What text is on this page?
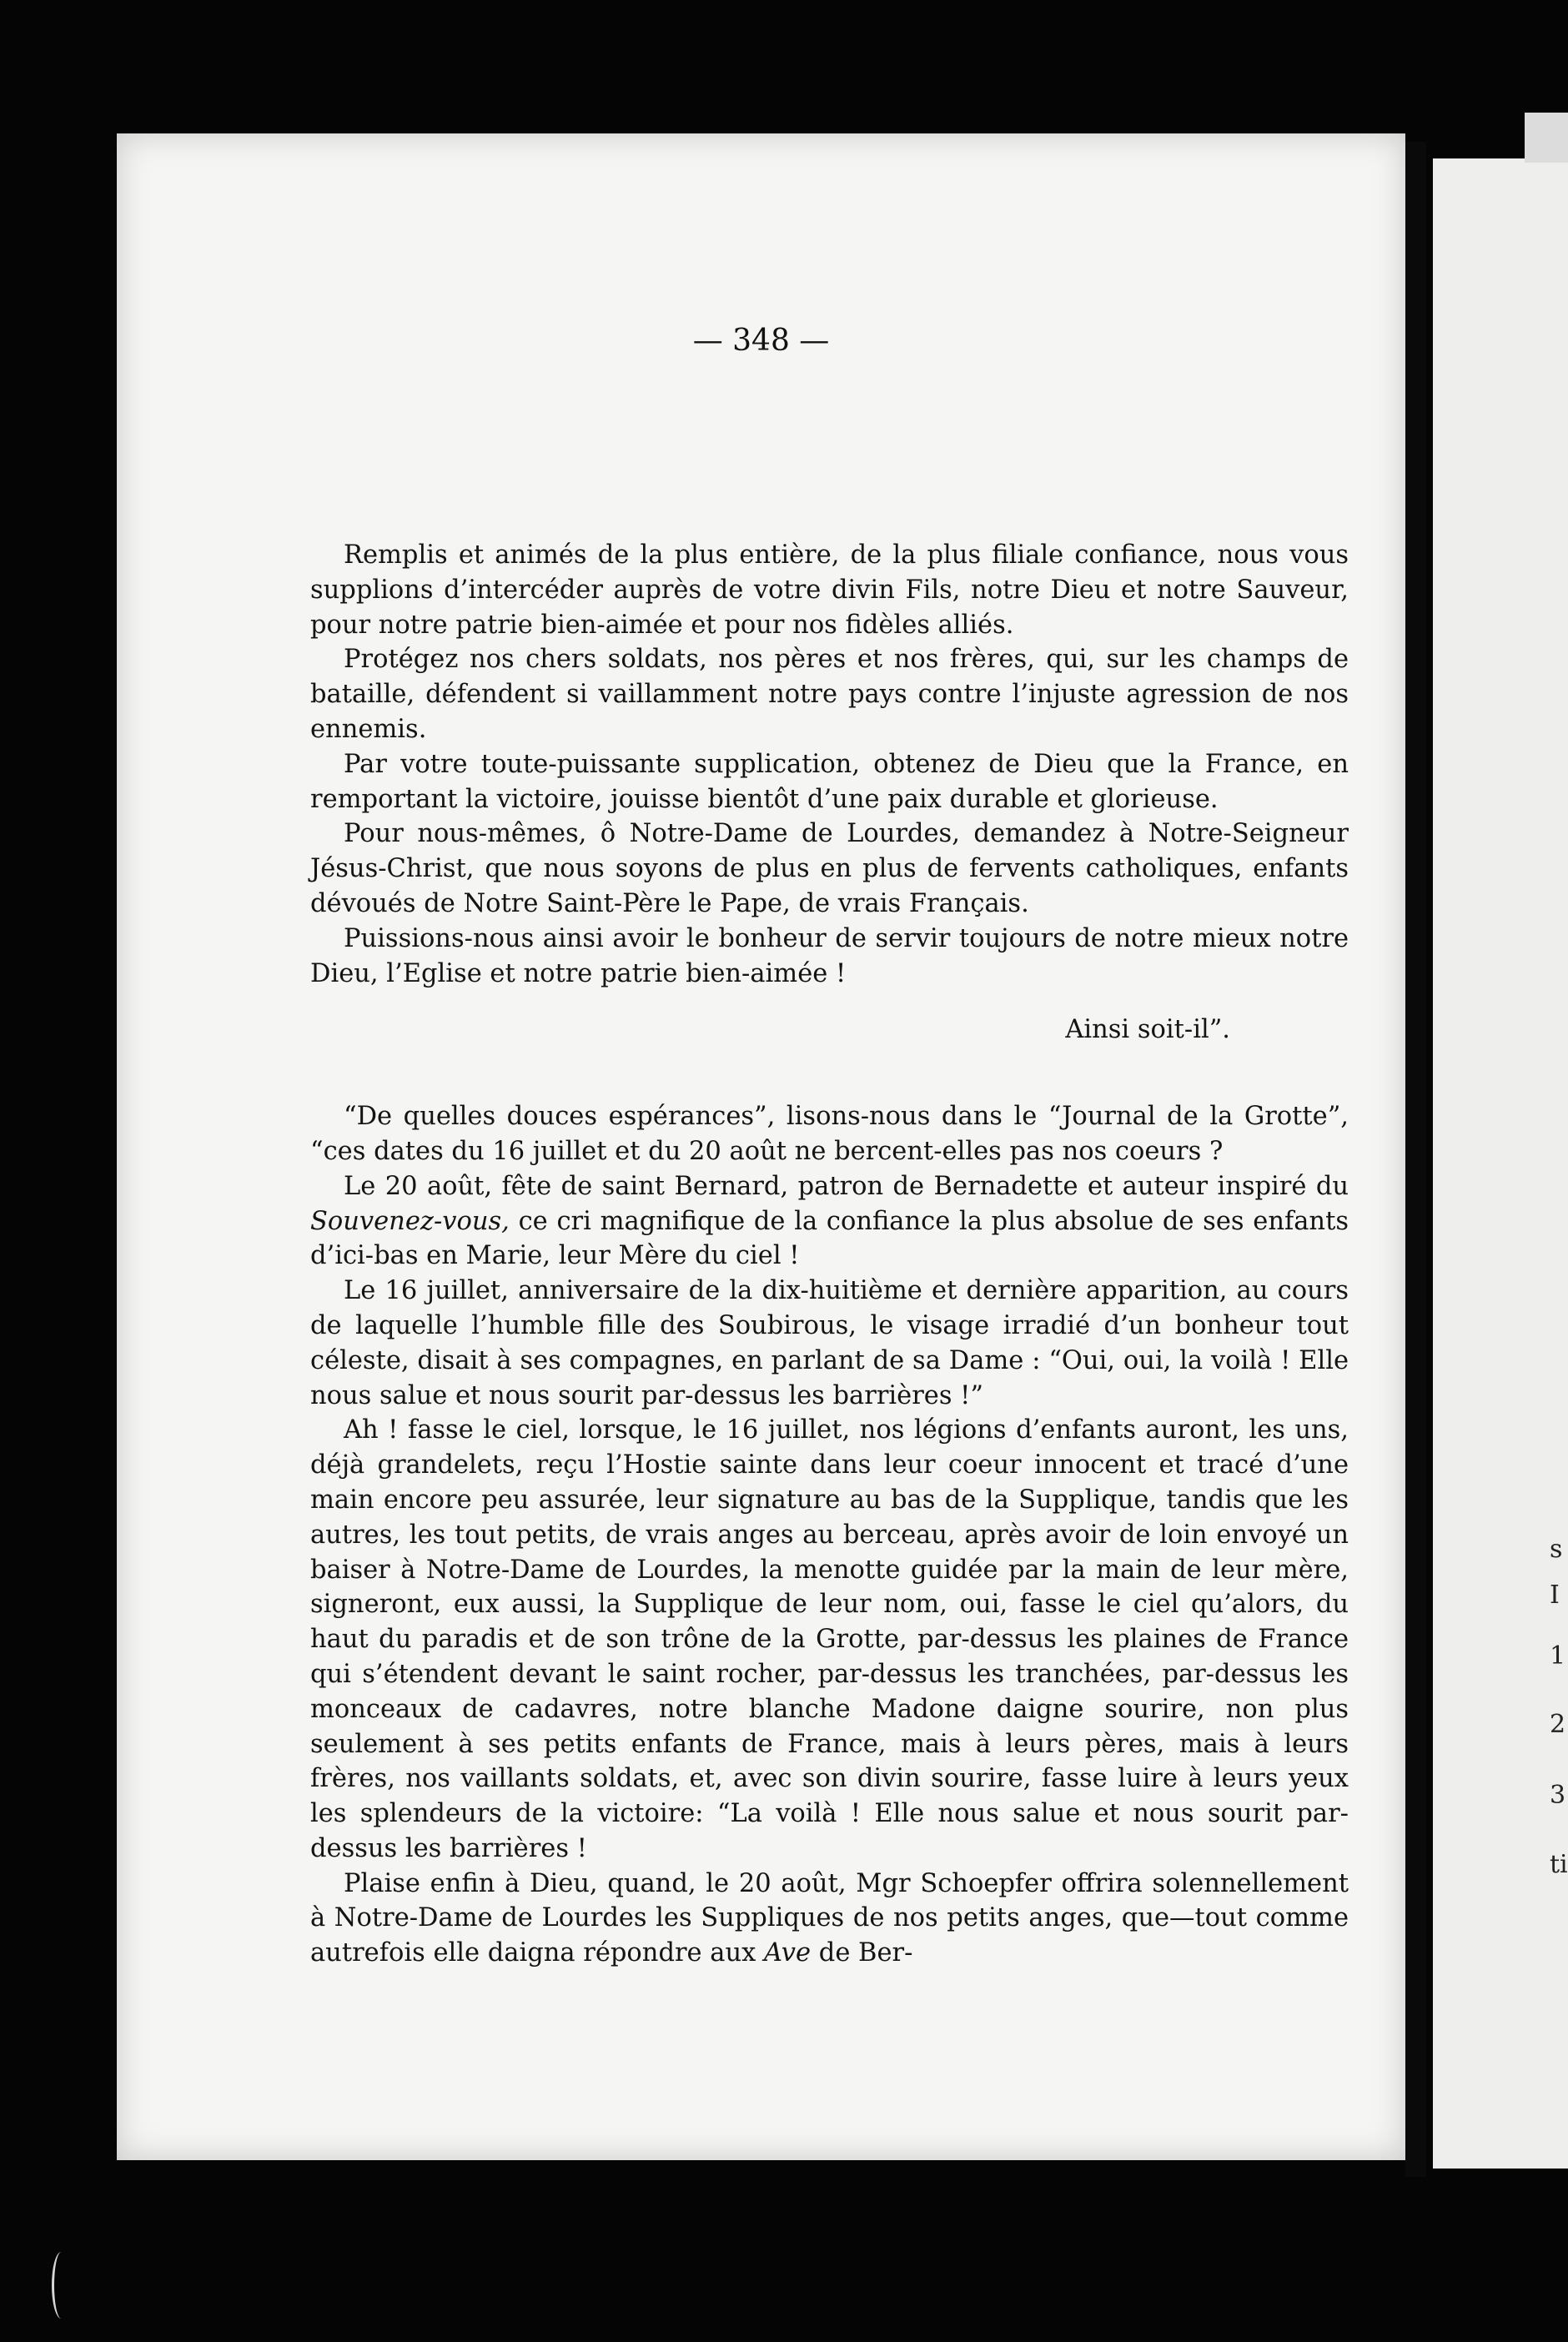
s
I
1
2
3
ti
— 348 —

Remplis et animés de la plus entière, de la plus filiale confiance, nous vous supplions d’intercéder auprès de votre divin Fils, notre Dieu et notre Sauveur, pour notre patrie bien-aimée et pour nos fidèles alliés.

Protégez nos chers soldats, nos pères et nos frères, qui, sur les champs de bataille, défendent si vaillamment notre pays contre l’injuste agression de nos ennemis.

Par votre toute-puissante supplication, obtenez de Dieu que la France, en remportant la victoire, jouisse bientôt d’une paix durable et glorieuse.

Pour nous-mêmes, ô Notre-Dame de Lourdes, demandez à Notre-Seigneur Jésus-Christ, que nous soyons de plus en plus de fervents catholiques, enfants dévoués de Notre Saint-Père le Pape, de vrais Français.

Puissions-nous ainsi avoir le bonheur de servir toujours de notre mieux notre Dieu, l’Eglise et notre patrie bien-aimée !

Ainsi soit-il”.

“De quelles douces espérances”, lisons-nous dans le “Journal de la Grotte”, “ces dates du 16 juillet et du 20 août ne bercent-elles pas nos coeurs ?

Le 20 août, fête de saint Bernard, patron de Bernadette et auteur inspiré du Souvenez-vous, ce cri magnifique de la confiance la plus absolue de ses enfants d’ici-bas en Marie, leur Mère du ciel !

Le 16 juillet, anniversaire de la dix-huitième et dernière apparition, au cours de laquelle l’humble fille des Soubirous, le visage irradié d’un bonheur tout céleste, disait à ses compagnes, en parlant de sa Dame : “Oui, oui, la voilà ! Elle nous salue et nous sourit par-dessus les barrières !”

Ah ! fasse le ciel, lorsque, le 16 juillet, nos légions d’enfants auront, les uns, déjà grandelets, reçu l’Hostie sainte dans leur coeur innocent et tracé d’une main encore peu assurée, leur signature au bas de la Supplique, tandis que les autres, les tout petits, de vrais anges au berceau, après avoir de loin envoyé un baiser à Notre-Dame de Lourdes, la menotte guidée par la main de leur mère, signeront, eux aussi, la Supplique de leur nom, oui, fasse le ciel qu’alors, du haut du paradis et de son trône de la Grotte, par-dessus les plaines de France qui s’étendent devant le saint rocher, par-dessus les tranchées, par-dessus les monceaux de cadavres, notre blanche Madone daigne sourire, non plus seulement à ses petits enfants de France, mais à leurs pères, mais à leurs frères, nos vaillants soldats, et, avec son divin sourire, fasse luire à leurs yeux les splendeurs de la victoire: “La voilà ! Elle nous salue et nous sourit par-dessus les barrières !

Plaise enfin à Dieu, quand, le 20 août, Mgr Schoepfer offrira solennellement à Notre-Dame de Lourdes les Suppliques de nos petits anges, que—tout comme autrefois elle daigna répondre aux Ave de Ber-
